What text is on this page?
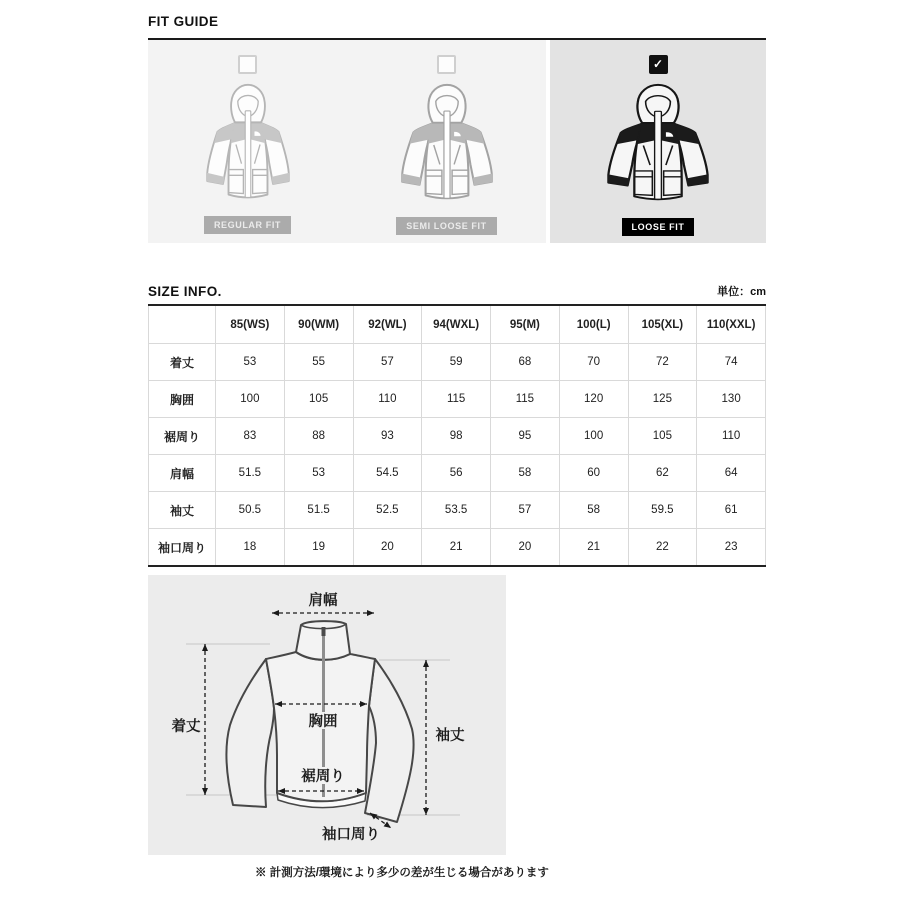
FIT GUIDE
REGULAR FIT	SEMI LOOSE FIT
✓
LOOSE FIT
SIZE INFO.	単位：cm
	85(WS)	90(WM)	92(WL)	94(WXL)	95(M)	100(L)	105(XL)	110(XXL)
着丈	53	55	57	59	68	70	72	74
胸囲	100	105	110	115	115	120	125	130
裾周り	83	88	93	98	95	100	105	110
肩幅	51.5	53	54.5	56	58	60	62	64
袖丈	50.5	51.5	52.5	53.5	57	58	59.5	61
袖口周り	18	19	20	21	20	21	22	23
肩幅
着丈	胸囲
裾周り
袖丈
袖口周り
※ 計測方法/環境により多少の差が生じる場合があります
